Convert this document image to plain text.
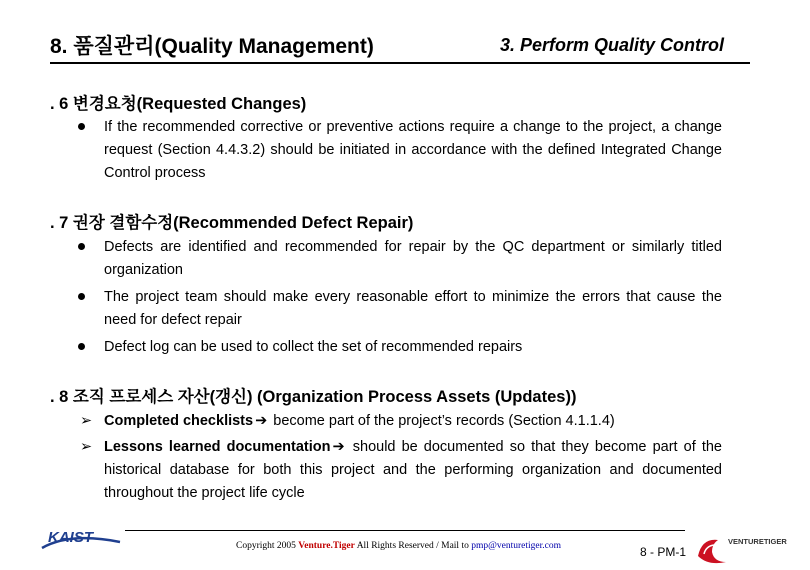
8. 품질관리(Quality Management)	3. Perform Quality Control
. 6 변경요청(Requested Changes)
If the recommended corrective or preventive actions require a change to the project, a change request (Section 4.4.3.2) should be initiated in accordance with the defined Integrated Change Control process
. 7 권장 결함수정(Recommended Defect Repair)
Defects are identified and recommended for repair by the QC department or similarly titled organization
The project team should make every reasonable effort to minimize the errors that cause the need for defect repair
Defect log can be used to collect the set of recommended repairs
. 8 조직 프로세스 자산(갱신) (Organization Process Assets (Updates))
➢ Completed checklists ➔ become part of the project’s records (Section 4.1.1.4)
➢ Lessons learned documentation ➔ should be documented so that they become part of the historical database for both this project and the performing organization and documented throughout the project life cycle
KAIST	Copyright 2005 Venture.Tiger All Rights Reserved / Mail to pmp@venturetiger.com	8 - PM-1
VENTURETIGER
